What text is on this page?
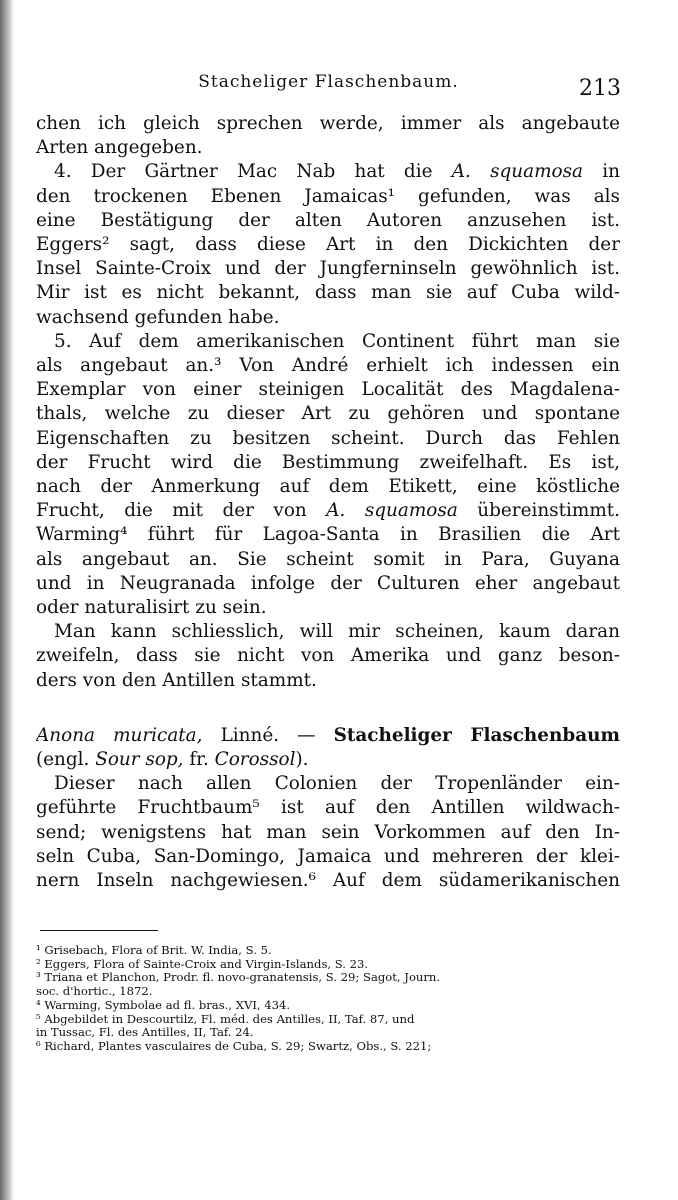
Stacheliger Flaschenbaum.	213
chen ich gleich sprechen werde, immer als angebaute
Arten angegeben.
4. Der Gärtner Mac Nab hat die A. squamosa in
den trockenen Ebenen Jamaicas¹ gefunden, was als
eine Bestätigung der alten Autoren anzusehen ist.
Eggers² sagt, dass diese Art in den Dickichten der
Insel Sainte-Croix und der Jungferninseln gewöhnlich ist.
Mir ist es nicht bekannt, dass man sie auf Cuba wild-
wachsend gefunden habe.
5. Auf dem amerikanischen Continent führt man sie
als angebaut an.³ Von André erhielt ich indessen ein
Exemplar von einer steinigen Localität des Magdalena-
thals, welche zu dieser Art zu gehören und spontane
Eigenschaften zu besitzen scheint. Durch das Fehlen
der Frucht wird die Bestimmung zweifelhaft. Es ist,
nach der Anmerkung auf dem Etikett, eine köstliche
Frucht, die mit der von A. squamosa übereinstimmt.
Warming⁴ führt für Lagoa-Santa in Brasilien die Art
als angebaut an. Sie scheint somit in Para, Guyana
und in Neugranada infolge der Culturen eher angebaut
oder naturalisirt zu sein.
Man kann schliesslich, will mir scheinen, kaum daran
zweifeln, dass sie nicht von Amerika und ganz beson-
ders von den Antillen stammt.
Anona muricata, Linné. — Stacheliger Flaschenbaum
(engl. Sour sop, fr. Corossol).
Dieser nach allen Colonien der Tropenländer ein-
geführte Fruchtbaum⁵ ist auf den Antillen wildwach-
send; wenigstens hat man sein Vorkommen auf den In-
seln Cuba, San-Domingo, Jamaica und mehreren der klei-
nern Inseln nachgewiesen.⁶ Auf dem südamerikanischen
¹ Grisebach, Flora of Brit. W. India, S. 5.
² Eggers, Flora of Sainte-Croix and Virgin-Islands, S. 23.
³ Triana et Planchon, Prodr. fl. novo-granatensis, S. 29; Sagot, Journ.
soc. d'hortic., 1872.
⁴ Warming, Symbolae ad fl. bras., XVI, 434.
⁵ Abgebildet in Descourtilz, Fl. méd. des Antilles, II, Taf. 87, und
in Tussac, Fl. des Antilles, II, Taf. 24.
⁶ Richard, Plantes vasculaires de Cuba, S. 29; Swartz, Obs., S. 221;
